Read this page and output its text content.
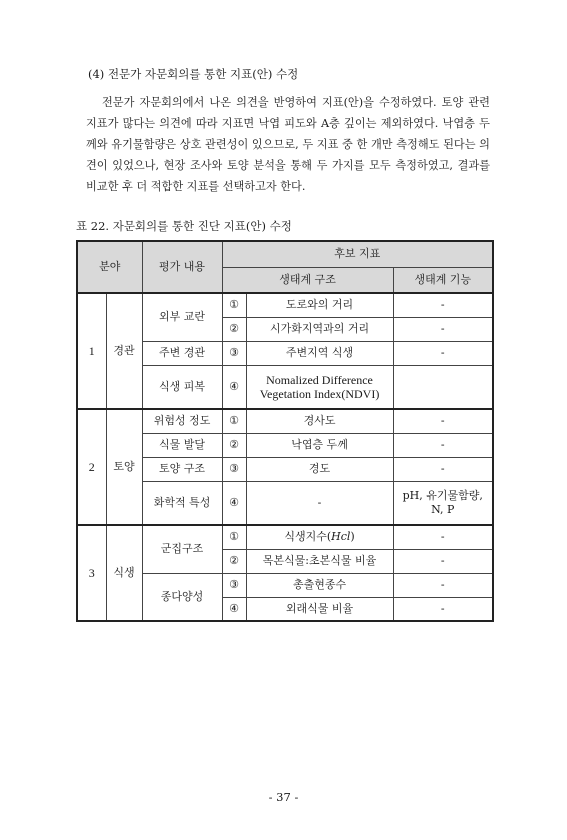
(4) 전문가 자문회의를 통한 지표(안) 수정

전문가 자문회의에서 나온 의견을 반영하여 지표(안)을 수정하였다. 토양 관련 지표가 많다는 의견에 따라 지표면 낙엽 피도와 A층 깊이는 제외하였다. 낙엽층 두께와 유기물함량은 상호 관련성이 있으므로, 두 지표 중 한 개만 측정해도 된다는 의견이 있었으나, 현장 조사와 토양 분석을 통해 두 가지를 모두 측정하였고, 결과를 비교한 후 더 적합한 지표를 선택하고자 한다.

표 22. 자문회의를 통한 진단 지표(안) 수정
분야		평가 내용	후보 지표		
			생태계 구조		생태계 기능
1	경관	외부 교란	①	도로와의 거리	-
			②	시가화지역과의 거리	-
		주변 경관	③	주변지역 식생	-
		식생 피복	④	Nomalized Difference Vegetation Index(NDVI)	
2	토양	위험성 정도	①	경사도	-
		식물 발달	②	낙엽층 두께	-
		토양 구조	③	경도	-
		화학적 특성	④	-	pH, 유기물함량, N, P
3	식생	군집구조	①	식생지수(Hcl)	-
			②	목본식물:초본식물 비율	-
		종다양성	③	총출현종수	-
			④	외래식물 비율	-
- 37 -
